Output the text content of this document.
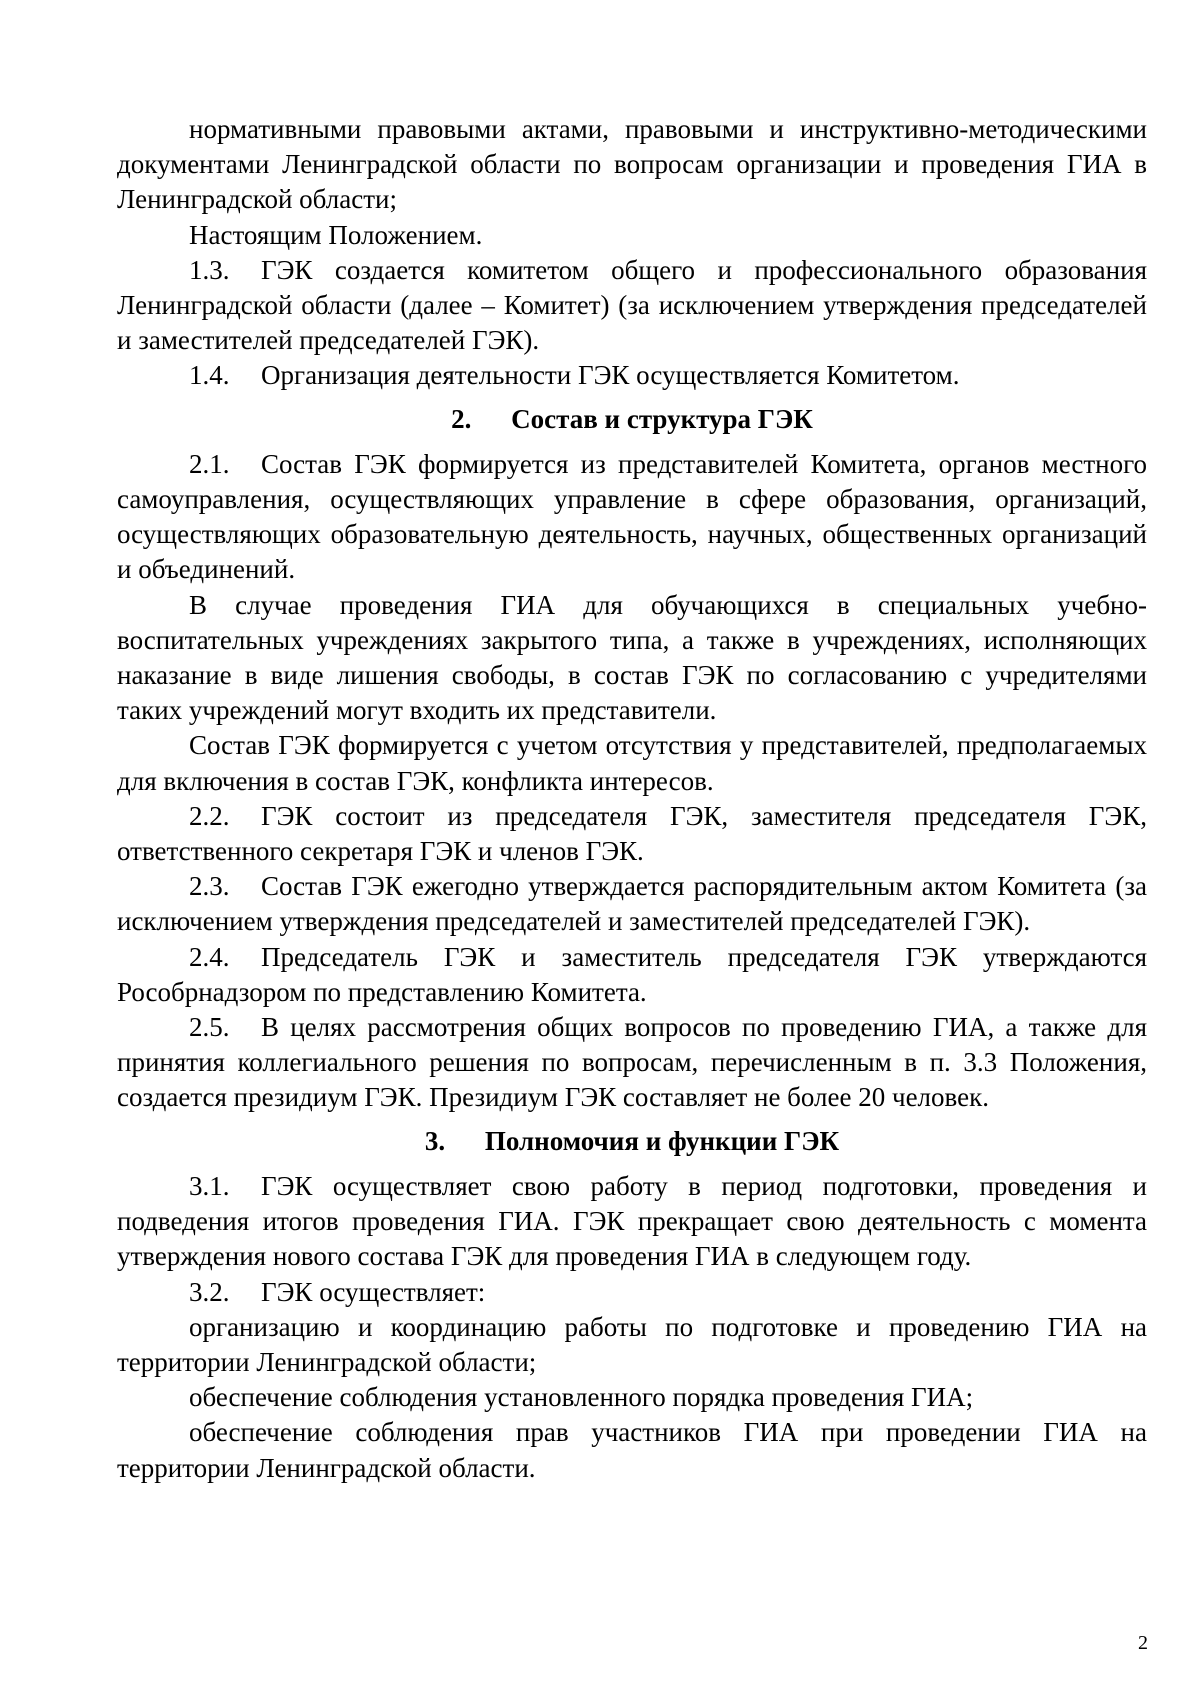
нормативными правовыми актами, правовыми и инструктивно-методическими документами Ленинградской области по вопросам организации и проведения ГИА в Ленинградской области;

Настоящим Положением.

1.3. ГЭК создается комитетом общего и профессионального образования Ленинградской области (далее – Комитет) (за исключением утверждения председателей и заместителей председателей ГЭК).

1.4. Организация деятельности ГЭК осуществляется Комитетом.

2. Состав и структура ГЭК

2.1. Состав ГЭК формируется из представителей Комитета, органов местного самоуправления, осуществляющих управление в сфере образования, организаций, осуществляющих образовательную деятельность, научных, общественных организаций и объединений.

В случае проведения ГИА для обучающихся в специальных учебно-воспитательных учреждениях закрытого типа, а также в учреждениях, исполняющих наказание в виде лишения свободы, в состав ГЭК по согласованию с учредителями таких учреждений могут входить их представители.

Состав ГЭК формируется с учетом отсутствия у представителей, предполагаемых для включения в состав ГЭК, конфликта интересов.

2.2. ГЭК состоит из председателя ГЭК, заместителя председателя ГЭК, ответственного секретаря ГЭК и членов ГЭК.

2.3. Состав ГЭК ежегодно утверждается распорядительным актом Комитета (за исключением утверждения председателей и заместителей председателей ГЭК).

2.4. Председатель ГЭК и заместитель председателя ГЭК утверждаются Рособрнадзором по представлению Комитета.

2.5. В целях рассмотрения общих вопросов по проведению ГИА, а также для принятия коллегиального решения по вопросам, перечисленным в п. 3.3 Положения, создается президиум ГЭК. Президиум ГЭК составляет не более 20 человек.

3. Полномочия и функции ГЭК

3.1. ГЭК осуществляет свою работу в период подготовки, проведения и подведения итогов проведения ГИА. ГЭК прекращает свою деятельность с момента утверждения нового состава ГЭК для проведения ГИА в следующем году.

3.2. ГЭК осуществляет:

организацию и координацию работы по подготовке и проведению ГИА на территории Ленинградской области;

обеспечение соблюдения установленного порядка проведения ГИА;

обеспечение соблюдения прав участников ГИА при проведении ГИА на территории Ленинградской области.

2
